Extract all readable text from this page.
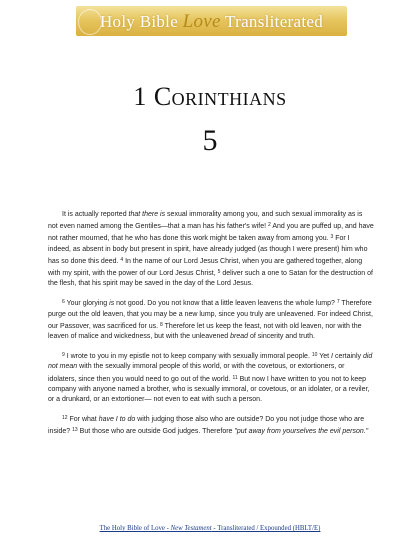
Holy Bible Love Transliterated
1 Corinthians
5

It is actually reported that there is sexual immorality among you, and such sexual immorality as is not even named among the Gentiles—that a man has his father's wife! $^2$ And you are puffed up, and have not rather mourned, that he who has done this work might be taken away from among you. $^3$ For I indeed, as absent in body but present in spirit, have already judged (as though I were present) him who has so done this deed. $^4$ In the name of our Lord Jesus Christ, when you are gathered together, along with my spirit, with the power of our Lord Jesus Christ, $^5$ deliver such a one to Satan for the destruction of the flesh, that his spirit may be saved in the day of the Lord Jesus.

$^6$ Your glorying is not good. Do you not know that a little leaven leavens the whole lump? $^7$ Therefore purge out the old leaven, that you may be a new lump, since you truly are unleavened. For indeed Christ, our Passover, was sacrificed for us. $^8$ Therefore let us keep the feast, not with old leaven, nor with the leaven of malice and wickedness, but with the unleavened bread of sincerity and truth.

$^9$ I wrote to you in my epistle not to keep company with sexually immoral people. $^{10}$ Yet I certainly did not mean with the sexually immoral people of this world, or with the covetous, or extortioners, or idolaters, since then you would need to go out of the world. $^{11}$ But now I have written to you not to keep company with anyone named a brother, who is sexually immoral, or covetous, or an idolater, or a reviler, or a drunkard, or an extortioner— not even to eat with such a person.

$^{12}$ For what have I to do with judging those also who are outside? Do you not judge those who are inside? $^{13}$ But those who are outside God judges. Therefore "put away from yourselves the evil person."

The Holy Bible of Love - New Testament - Transliterated / Expounded (HBLT/E)
